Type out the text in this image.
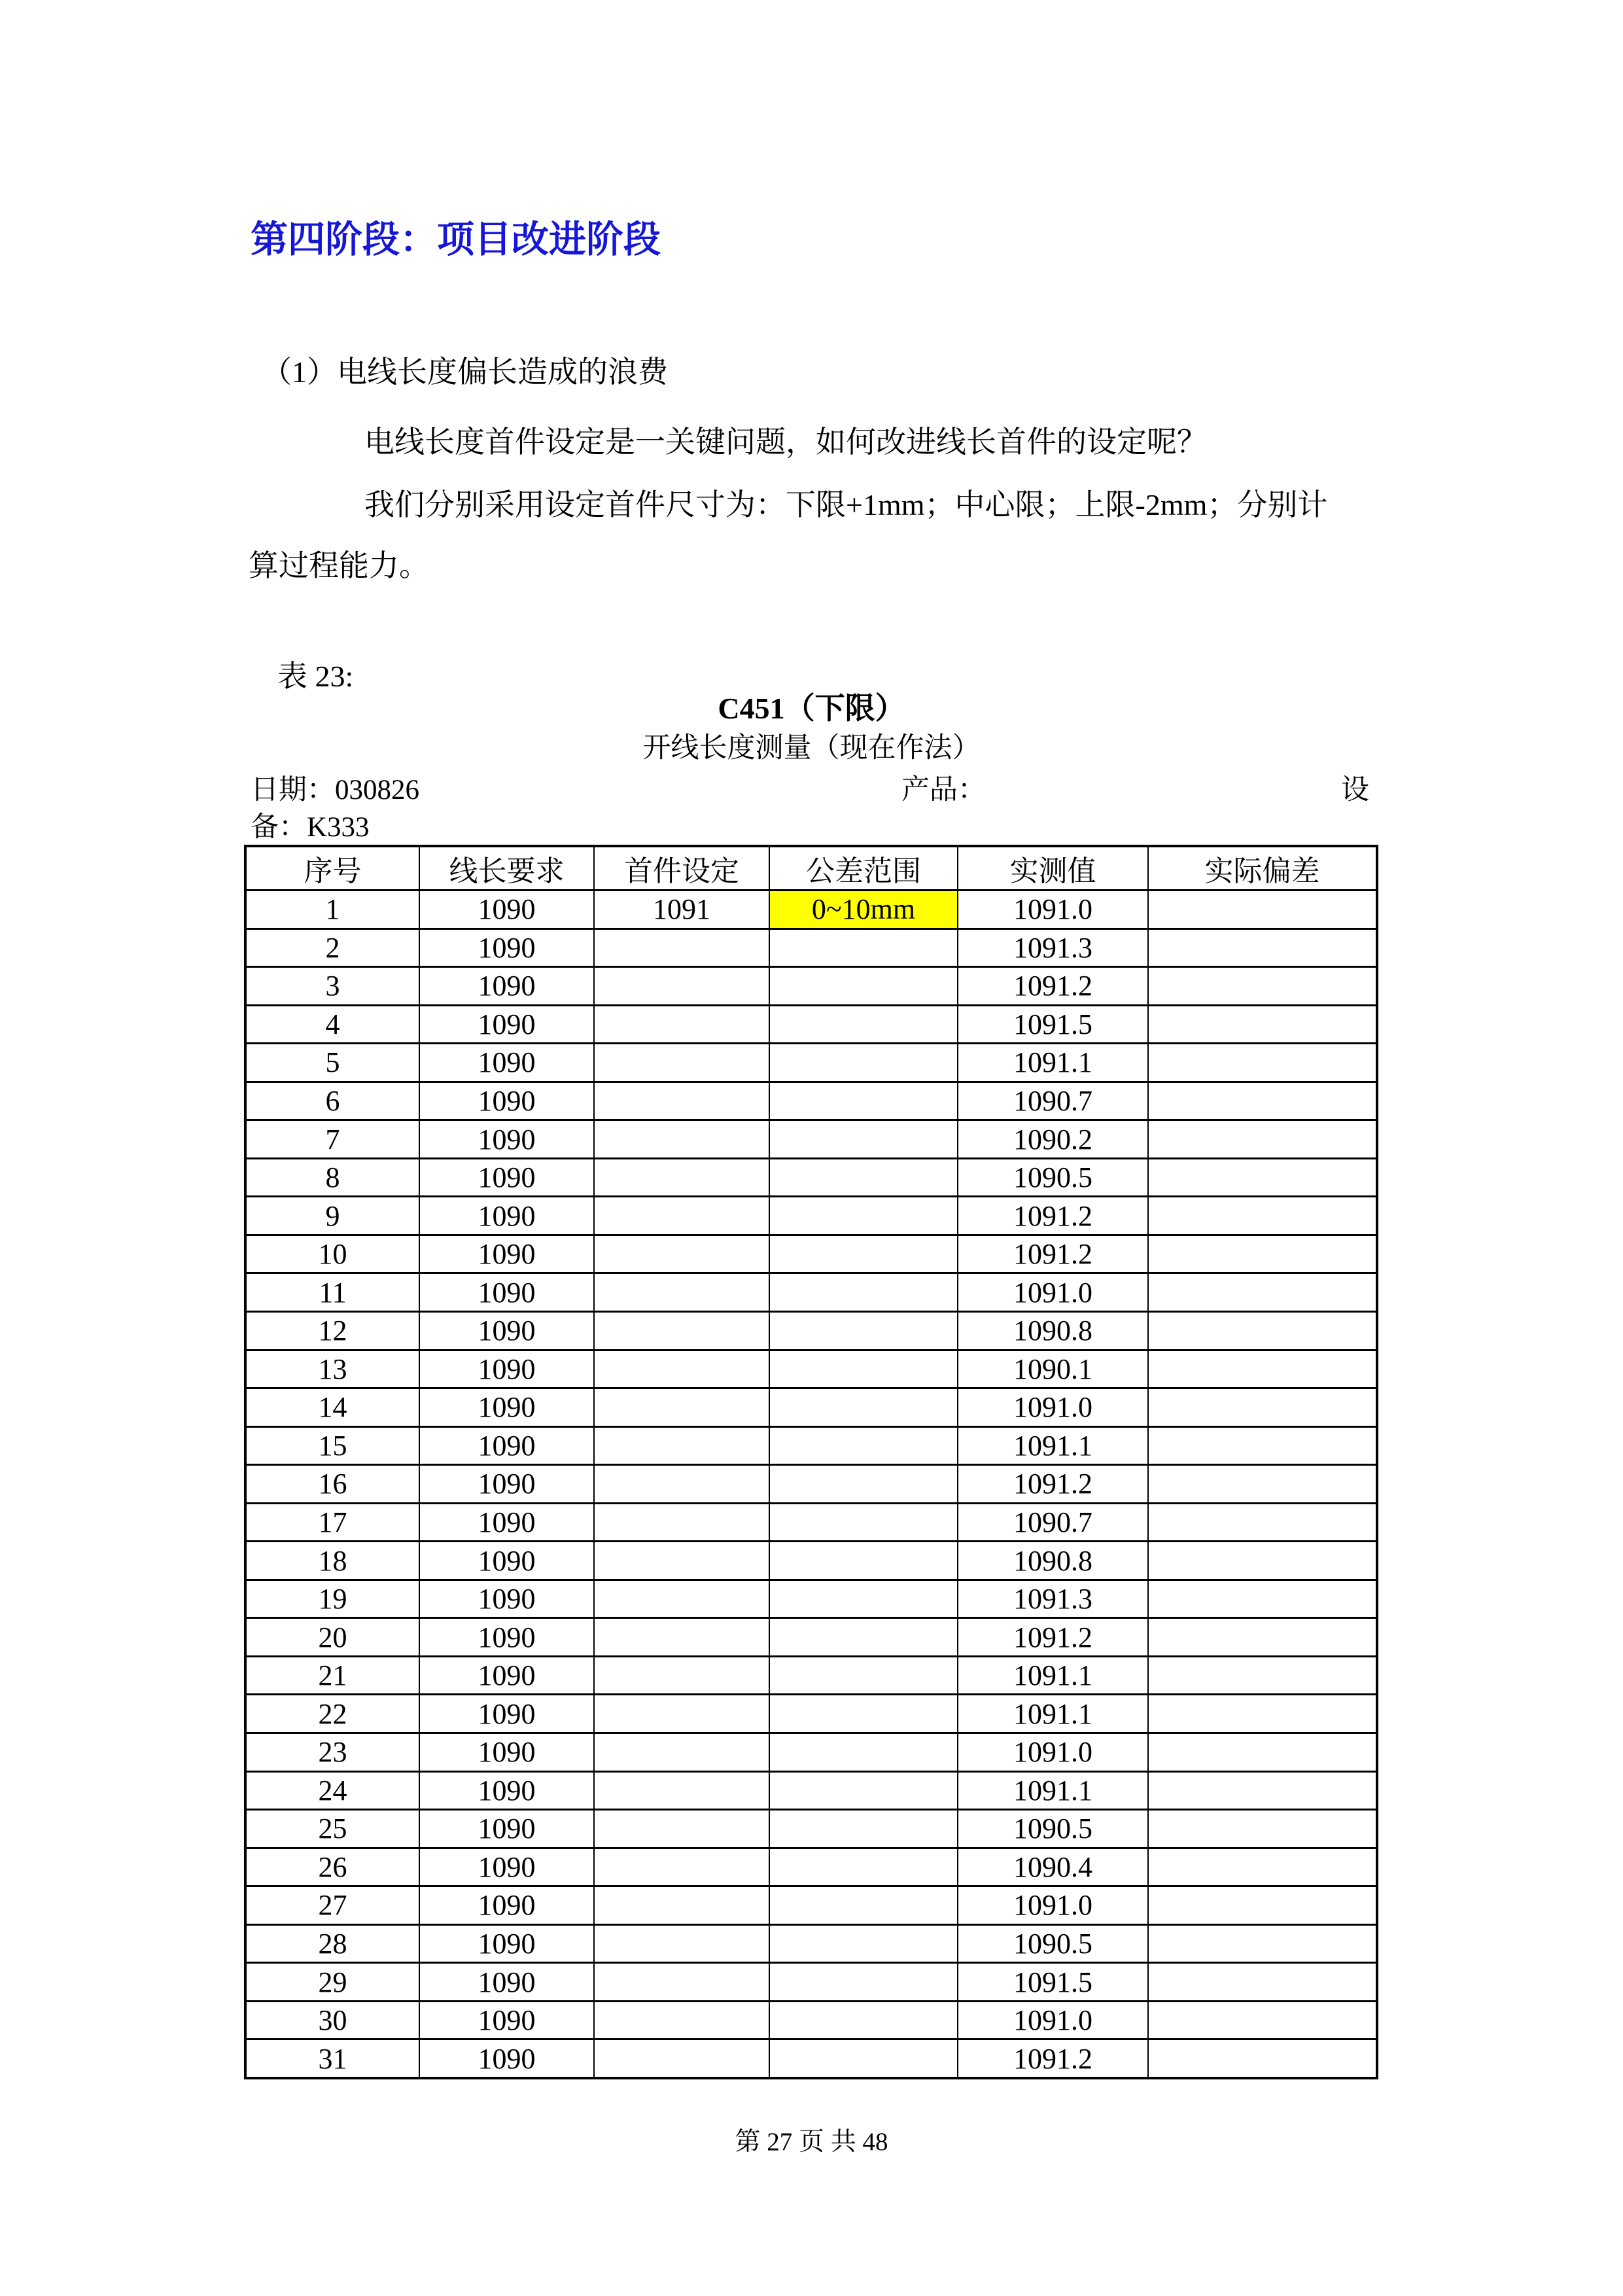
第四阶段：项目改进阶段
（1）电线长度偏长造成的浪费
电线长度首件设定是一关键问题，如何改进线长首件的设定呢？
我们分别采用设定首件尺寸为：下限+1mm；中心限；上限-2mm；分别计
算过程能力。
表 23:
C451（下限）
开线长度测量（现在作法）
日期：030826	产品：	设
备：K333
序号	线长要求	首件设定	公差范围	实测值	实际偏差
1	1090	1091	0~10mm	1091.0	
2	1090			1091.3	
3	1090			1091.2	
4	1090			1091.5	
5	1090			1091.1	
6	1090			1090.7	
7	1090			1090.2	
8	1090			1090.5	
9	1090			1091.2	
10	1090			1091.2	
11	1090			1091.0	
12	1090			1090.8	
13	1090			1090.1	
14	1090			1091.0	
15	1090			1091.1	
16	1090			1091.2	
17	1090			1090.7	
18	1090			1090.8	
19	1090			1091.3	
20	1090			1091.2	
21	1090			1091.1	
22	1090			1091.1	
23	1090			1091.0	
24	1090			1091.1	
25	1090			1090.5	
26	1090			1090.4	
27	1090			1091.0	
28	1090			1090.5	
29	1090			1091.5	
30	1090			1091.0	
31	1090			1091.2	
第 27 页 共 48
